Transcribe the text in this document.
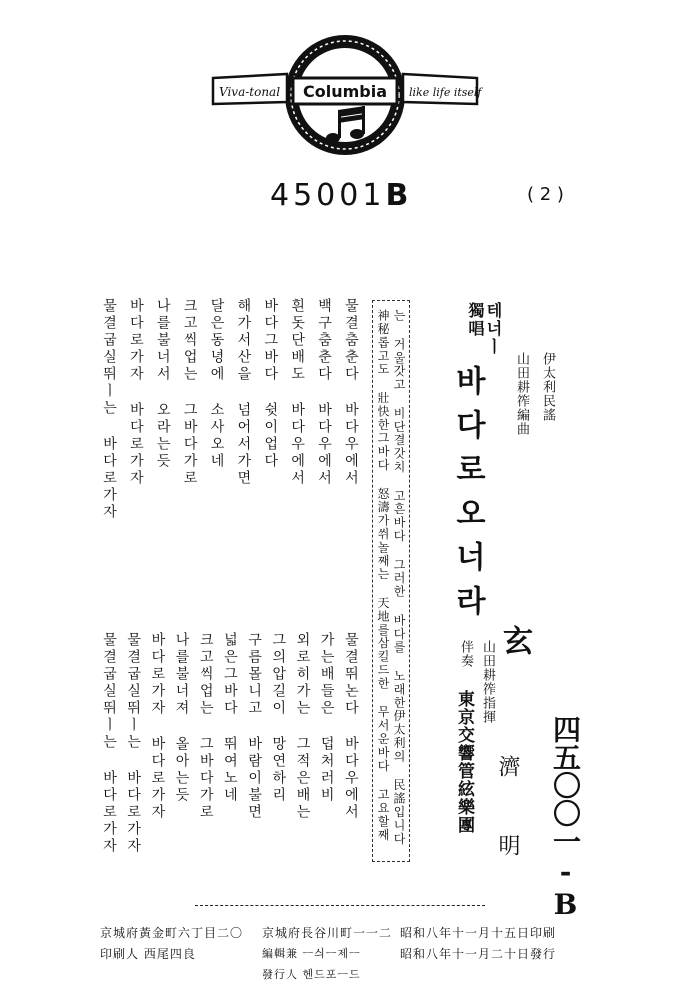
Viva-tonal Columbia like life itself
45001B	( 2 )
伊太利民謠
山田耕筰編曲
테너ㅣ
獨唱
바다로오너라
玄
濟 明
山田耕筰指揮
伴奏
東京交響管絃樂團
神秘롭고도 壯快한그바다 怒濤가쒸놀째는 天地를삼킬드한 무서운바다 고요할째 는 거울갓고 비단결갓치 고흔바다 그러한 바다를 노래한伊太利의 民謠입니다
물결춤춘다 바다우에서
백구춤춘다 바다우에서
흰돗단배도 바다우에서
바다그바다 쉿이업다
해가서산을 넘어서가면
달은동녕에 소사오네
크고씩업는 그바다가로
나를불너서 오라는듯
바다로가자 바다로가자
물결굽실뛰ㅣ는 바다로가자
물결뛰논다 바다우에서
가는배들은 덥처러비
외로히가는 그적은배는
그의압길이 망연하리
구름몰니고 바람이불면
넓은그바다 뛰여노네
크고씩업는 그바다가로
나를불너져 올아는듯
바다로가자 바다로가자
물결굽실뛰ㅣ는 바다로가자
물결굽실뛰ㅣ는 바다로가자	四五〇〇一-B
昭和八年十一月十五日印刷
昭和八年十一月二十日發行
京城府長谷川町一一二
編輯兼 ㅡ싀ㅡ제ㅡ
發行人 헨드포ㅡ드
京城府黃金町六丁目二〇
印刷人 西尾四良
